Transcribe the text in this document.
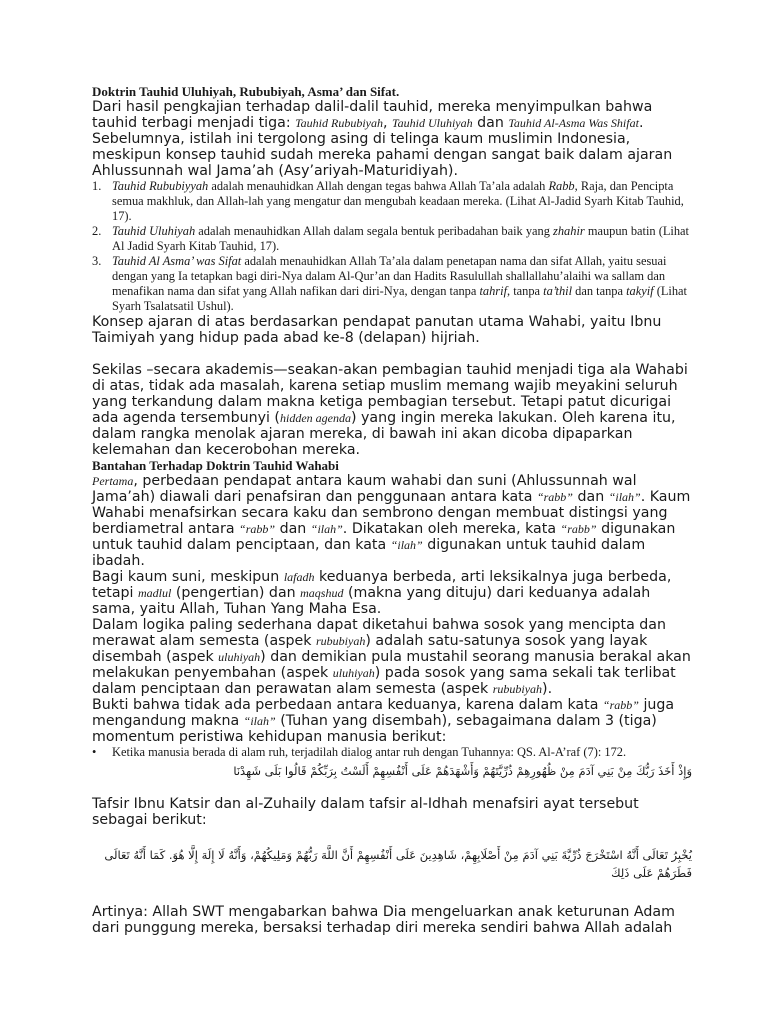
Doktrin Tauhid Uluhiyah, Rububiyah, Asma’ dan Sifat.
Dari hasil pengkajian terhadap dalil-dalil tauhid, mereka menyimpulkan bahwa tauhid terbagi menjadi tiga: Tauhid Rububiyah, Tauhid Uluhiyah dan Tauhid Al-Asma Was Shifat. Sebelumnya, istilah ini tergolong asing di telinga kaum muslimin Indonesia, meskipun konsep tauhid sudah mereka pahami dengan sangat baik dalam ajaran Ahlussunnah wal Jama’ah (Asy’ariyah-Maturidiyah).
1. Tauhid Rububiyyah adalah menauhidkan Allah dengan tegas bahwa Allah Ta’ala adalah Rabb, Raja, dan Pencipta semua makhluk, dan Allah-lah yang mengatur dan mengubah keadaan mereka. (Lihat Al-Jadid Syarh Kitab Tauhid, 17).
2. Tauhid Uluhiyah adalah menauhidkan Allah dalam segala bentuk peribadahan baik yang zhahir maupun batin (Lihat Al Jadid Syarh Kitab Tauhid, 17).
3. Tauhid Al Asma’ was Sifat adalah menauhidkan Allah Ta’ala dalam penetapan nama dan sifat Allah, yaitu sesuai dengan yang Ia tetapkan bagi diri-Nya dalam Al-Qur’an dan Hadits Rasulullah shallallahu’alaihi wa sallam dan menafikan nama dan sifat yang Allah nafikan dari diri-Nya, dengan tanpa tahrif, tanpa ta’thil dan tanpa takyif (Lihat Syarh Tsalatsatil Ushul).
Konsep ajaran di atas berdasarkan pendapat panutan utama Wahabi, yaitu Ibnu Taimiyah yang hidup pada abad ke-8 (delapan) hijriah.
Sekilas –secara akademis—seakan-akan pembagian tauhid menjadi tiga ala Wahabi di atas, tidak ada masalah, karena setiap muslim memang wajib meyakini seluruh yang terkandung dalam makna ketiga pembagian tersebut. Tetapi patut dicurigai ada agenda tersembunyi (hidden agenda) yang ingin mereka lakukan. Oleh karena itu, dalam rangka menolak ajaran mereka, di bawah ini akan dicoba dipaparkan kelemahan dan kecerobohan mereka.
Bantahan Terhadap Doktrin Tauhid Wahabi
Pertama, perbedaan pendapat antara kaum wahabi dan suni (Ahlussunnah wal Jama’ah) diawali dari penafsiran dan penggunaan antara kata “rabb” dan “ilah”. Kaum Wahabi menafsirkan secara kaku dan sembrono dengan membuat distingsi yang berdiametral antara “rabb” dan “ilah”. Dikatakan oleh mereka, kata “rabb” digunakan untuk tauhid dalam penciptaan, dan kata “ilah” digunakan untuk tauhid dalam ibadah.
Bagi kaum suni, meskipun lafadh keduanya berbeda, arti leksikalnya juga berbeda, tetapi madlul (pengertian) dan maqshud (makna yang dituju) dari keduanya adalah sama, yaitu Allah, Tuhan Yang Maha Esa.
Dalam logika paling sederhana dapat diketahui bahwa sosok yang mencipta dan merawat alam semesta (aspek rububiyah) adalah satu-satunya sosok yang layak disembah (aspek uluhiyah) dan demikian pula mustahil seorang manusia berakal akan melakukan penyembahan (aspek uluhiyah) pada sosok yang sama sekali tak terlibat dalam penciptaan dan perawatan alam semesta (aspek rububiyah).
Bukti bahwa tidak ada perbedaan antara keduanya, karena dalam kata “rabb” juga mengandung makna “ilah” (Tuhan yang disembah), sebagaimana dalam 3 (tiga) momentum peristiwa kehidupan manusia berikut:
• Ketika manusia berada di alam ruh, terjadilah dialog antar ruh dengan Tuhannya: QS. Al-A’raf (7): 172.
وَإِذْ أَخَذَ رَبُّكَ مِنْ بَنِي آدَمَ مِنْ ظُهُورِهِمْ ذُرِّيَّتَهُمْ وَأَشْهَدَهُمْ عَلَى أَنْفُسِهِمْ أَلَسْتُ بِرَبِّكُمْ قَالُوا بَلَى شَهِدْنَا
Tafsir Ibnu Katsir dan al-Zuhaily dalam tafsir al-Idhah menafsiri ayat tersebut sebagai berikut:
يُخْبِرُ تَعَالَى أَنَّهُ اسْتَخْرَجَ ذُرِّيَّةَ بَنِي آدَمَ مِنْ أَصْلَابِهِمْ، شَاهِدِينَ عَلَى أَنْفُسِهِمْ أَنَّ اللَّهَ رَبُّهُمْ وَمَلِيكُهُمْ، وَأَنَّهُ لَا إِلَهَ إِلَّا هُوَ. كَمَا أَنَّهُ تَعَالَى فَطَرَهُمْ عَلَى ذَلِكَ
Artinya: Allah SWT mengabarkan bahwa Dia mengeluarkan anak keturunan Adam dari punggung mereka, bersaksi terhadap diri mereka sendiri bahwa Allah adalah
